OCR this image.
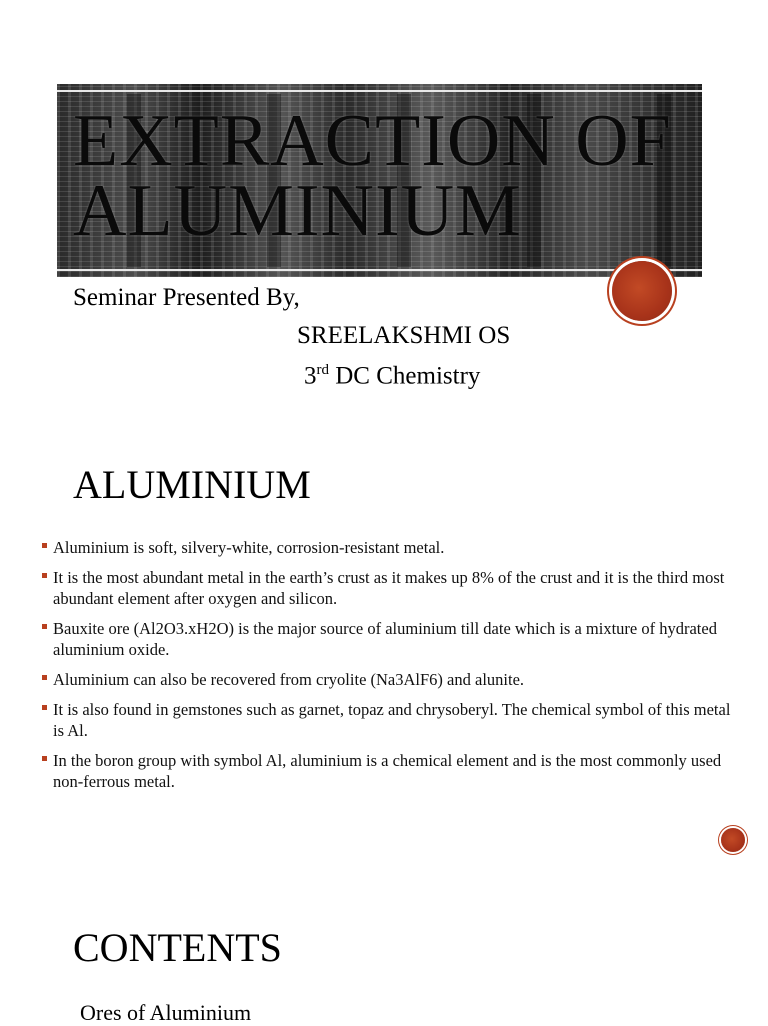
EXTRACTION OF ALUMINIUM
Seminar Presented By,
SREELAKSHMI OS
3rd DC Chemistry
ALUMINIUM
Aluminium is soft, silvery-white, corrosion-resistant metal.
It is the most abundant metal in the earth’s crust as it makes up 8% of the crust and it is the third most abundant element after oxygen and silicon.
Bauxite ore (Al2O3.xH2O) is the major source of aluminium till date which is a mixture of hydrated aluminium oxide.
Aluminium can also be recovered from cryolite (Na3AlF6) and alunite.
It is also found in gemstones such as garnet, topaz and chrysoberyl. The chemical symbol of this metal is Al.
In the boron group with symbol Al, aluminium is a chemical element and is the most commonly used non-ferrous metal.
CONTENTS
Ores of Aluminium
